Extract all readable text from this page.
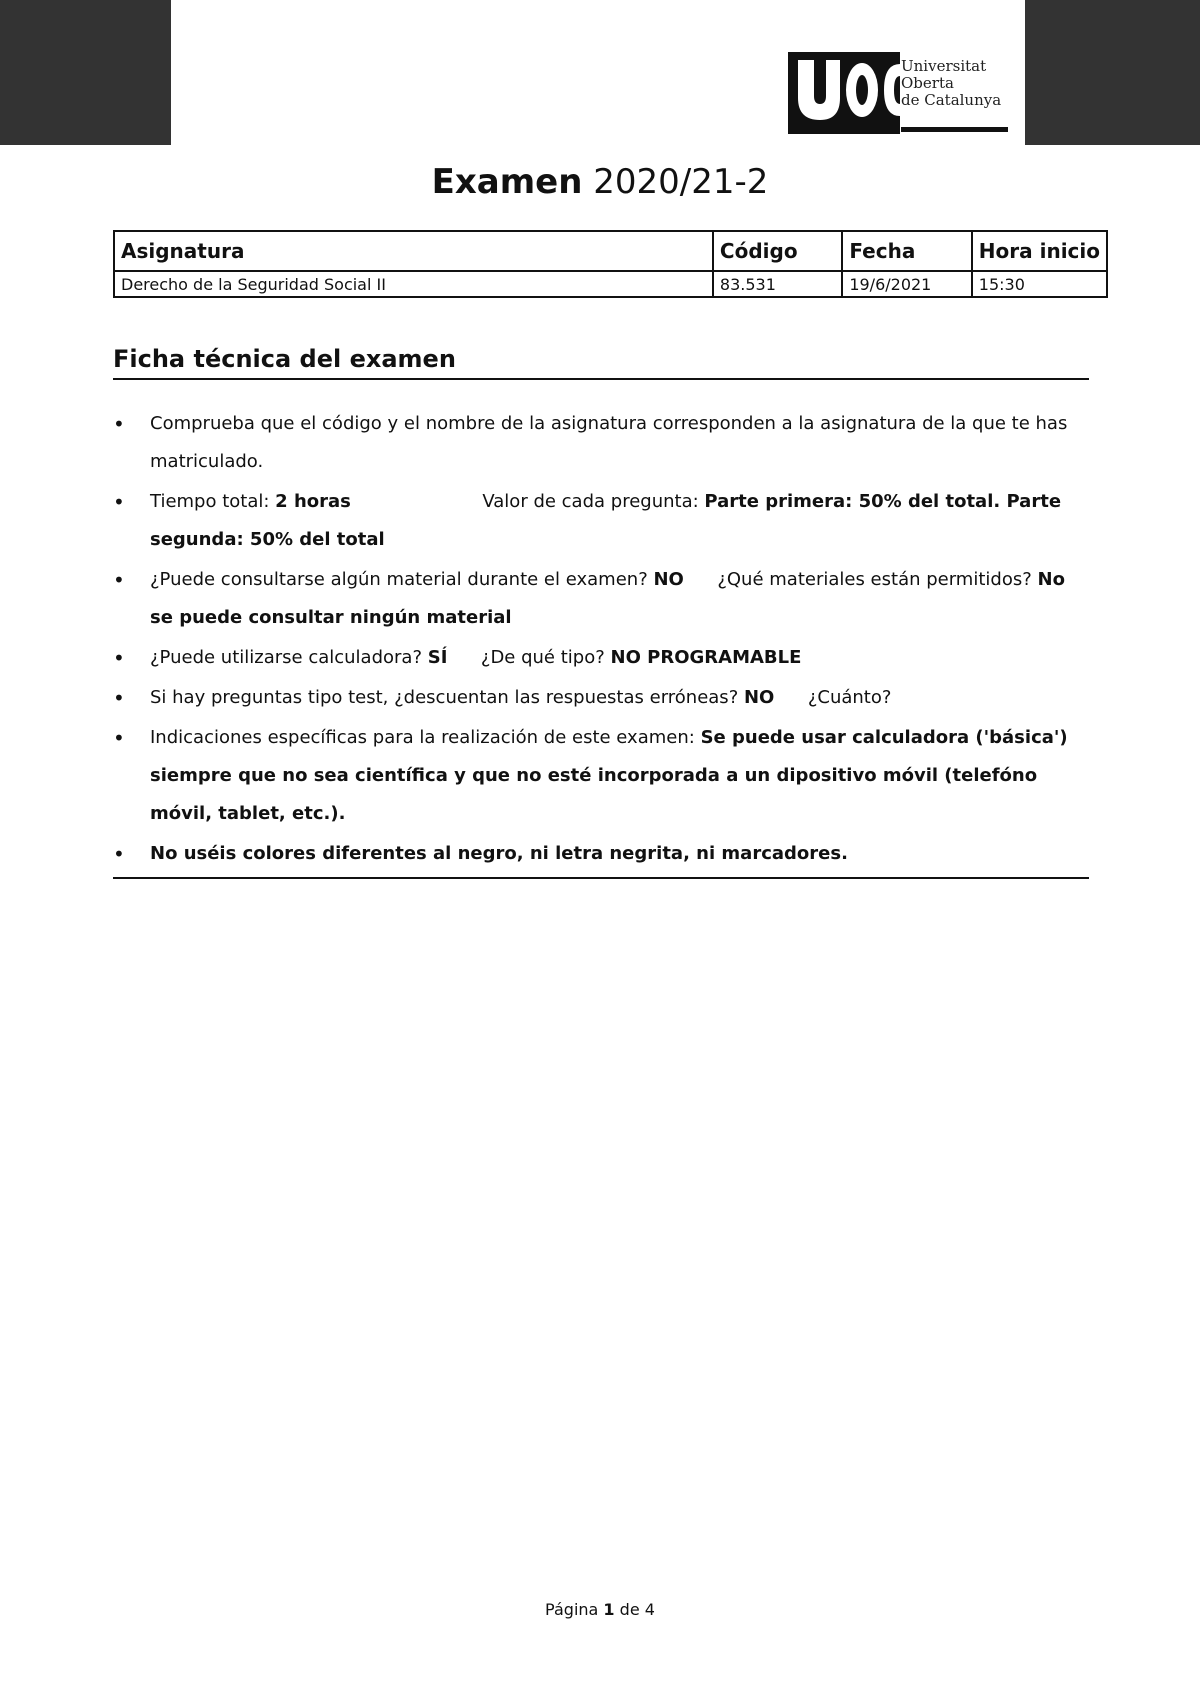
Universitat
Oberta
de Catalunya
Examen 2020/21-2
Asignatura	Código	Fecha	Hora inicio
Derecho de la Seguridad Social II	83.531	19/6/2021	15:30
Ficha técnica del examen
• Comprueba que el código y el nombre de la asignatura corresponden a la asignatura de la que te has matriculado.
• Tiempo total: 2 horas	Valor de cada pregunta: Parte primera: 50% del total. Parte segunda: 50% del total
• ¿Puede consultarse algún material durante el examen? NO ¿Qué materiales están permitidos? No se puede consultar ningún material
• ¿Puede utilizarse calculadora? SÍ ¿De qué tipo? NO PROGRAMABLE
• Si hay preguntas tipo test, ¿descuentan las respuestas erróneas? NO ¿Cuánto?
• Indicaciones específicas para la realización de este examen: Se puede usar calculadora ('básica') siempre que no sea científica y que no esté incorporada a un dipositivo móvil (telefóno móvil, tablet, etc.).
• No uséis colores diferentes al negro, ni letra negrita, ni marcadores.
Página 1 de 4
